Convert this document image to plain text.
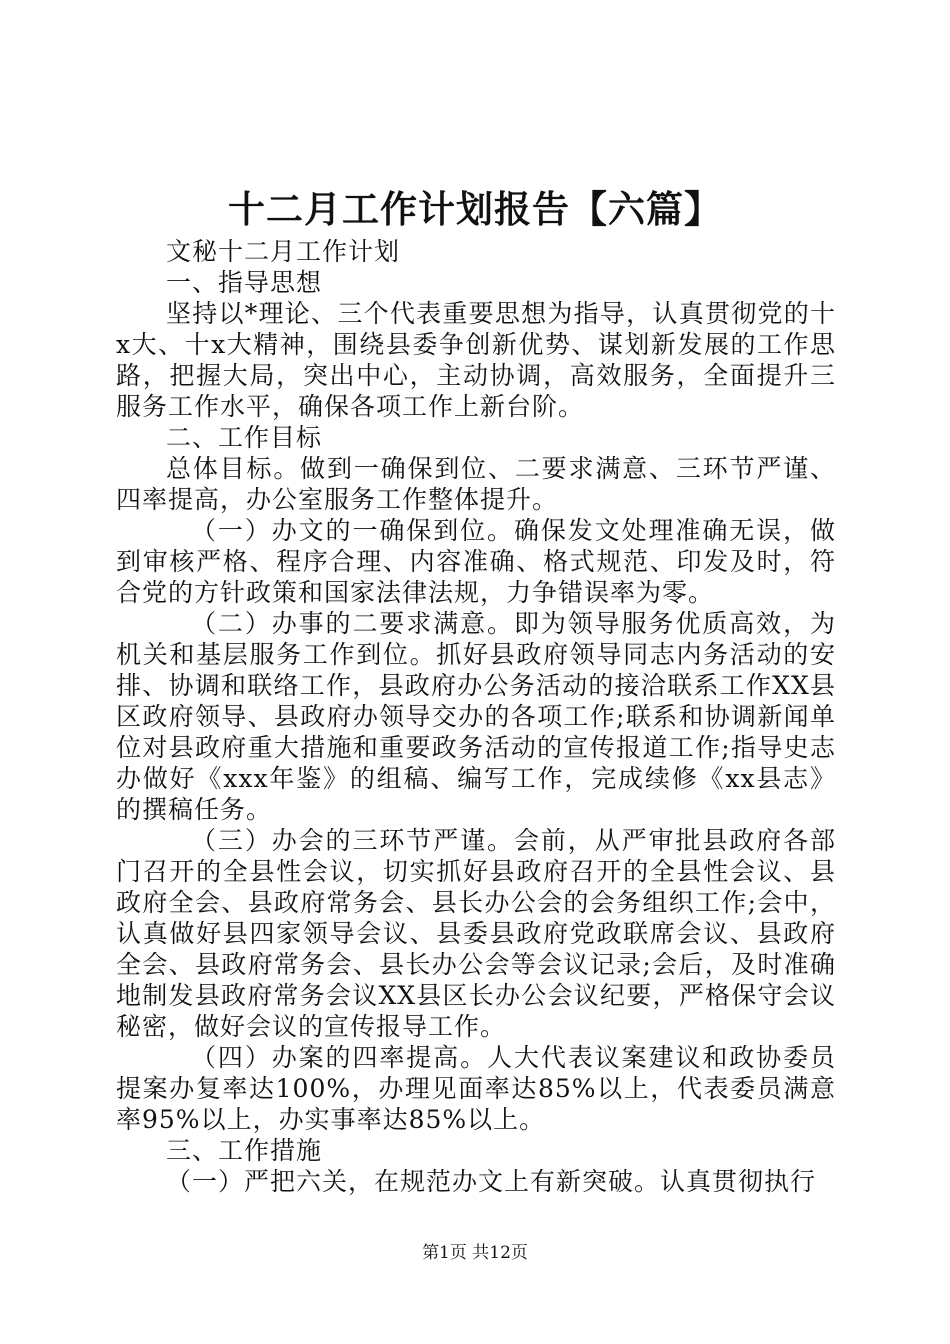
十二月工作计划报告【六篇】

文秘十二月工作计划

一、指导思想

坚持以*理论、三个代表重要思想为指导，认真贯彻党的十x大、十x大精神，围绕县委争创新优势、谋划新发展的工作思路，把握大局，突出中心，主动协调，高效服务，全面提升三服务工作水平，确保各项工作上新台阶。

二、工作目标

总体目标。做到一确保到位、二要求满意、三环节严谨、四率提高，办公室服务工作整体提升。

（一）办文的一确保到位。确保发文处理准确无误，做到审核严格、程序合理、内容准确、格式规范、印发及时，符合党的方针政策和国家法律法规，力争错误率为零。

（二）办事的二要求满意。即为领导服务优质高效，为机关和基层服务工作到位。抓好县政府领导同志内务活动的安排、协调和联络工作，县政府办公务活动的接洽联系工作XX县区政府领导、县政府办领导交办的各项工作;联系和协调新闻单位对县政府重大措施和重要政务活动的宣传报道工作;指导史志办做好《xxx年鉴》的组稿、编写工作，完成续修《xx县志》的撰稿任务。

（三）办会的三环节严谨。会前，从严审批县政府各部门召开的全县性会议，切实抓好县政府召开的全县性会议、县政府全会、县政府常务会、县长办公会的会务组织工作;会中，认真做好县四家领导会议、县委县政府党政联席会议、县政府全会、县政府常务会、县长办公会等会议记录;会后，及时准确地制发县政府常务会议XX县区长办公会议纪要，严格保守会议秘密，做好会议的宣传报导工作。

（四）办案的四率提高。人大代表议案建议和政协委员提案办复率达100%，办理见面率达85%以上，代表委员满意率95%以上，办实事率达85%以上。

三、工作措施

（一）严把六关，在规范办文上有新突破。认真贯彻执行

第1页 共12页
